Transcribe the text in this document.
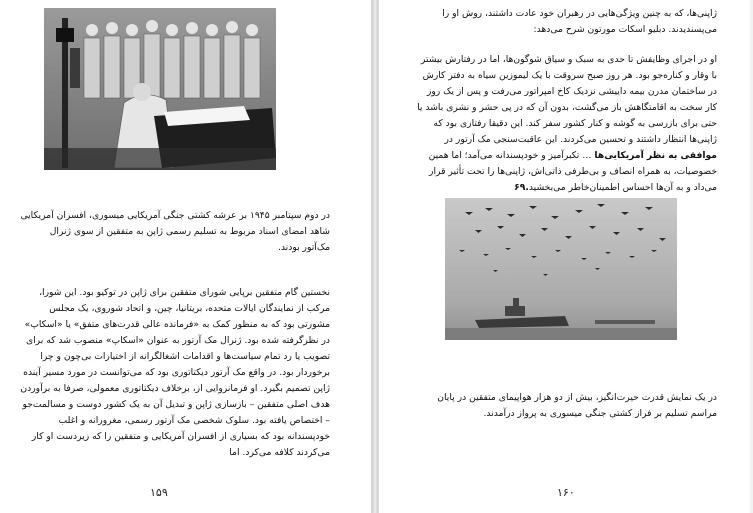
در دوم سپتامبر ۱۹۴۵ بر عرشه کشتی جنگی آمریکایی میسوری، افسران آمریکایی شاهد امضای اسناد مربوط به تسلیم رسمی ژاپن به متفقین از سوی ژنرال مک‌آتور بودند.

نخستین گام متفقین برپایی شورای متفقین برای ژاپن در توکیو بود. این شورا، مرکب از نمایندگان ایالات متحده، بریتانیا، چین، و اتحاد شوروی، یک مجلس مشورتی بود که به منظور کمک به «فرمانده عالی قدرت‌های متفق» یا «اسکاپ» در نظرگرفته شده بود. ژنرال مک آرتور به عنوان «اسکاپ» منصوب شد که برای تصویب یا رد تمام سیاست‌ها و اقدامات اشغالگرانه از اختیارات بی‌چون و چرا برخوردار بود. در واقع مک آرتور دیکتاتوری بود که می‌توانست در مورد مسیر آینده ژاپن تصمیم بگیرد. او فرمانروایی از، برخلاف دیکتاتوری معمولی، صرفا به برآوردن هدف اصلی متفقین – بازسازی ژاپن و تبدیل آن به یک کشور دوست و مسالمت‌جو – اختصاص یافته بود. سلوک شخصی مک آرتور رسمی، مغرورانه و اغلب خودپسندانه بود که بسیاری از افسران آمریکایی و متفقین را که زیردست او کار می‌کردند کلافه می‌کرد. اما

۱۵۹

ژاپنی‌ها، که به چنین ویژگی‌هایی در رهبران خود عادت داشتند، روش او را می‌پسندیدند. دبلیو اسکات مورتون شرح می‌دهد:

او در اجرای وظایفش تا حدی به سبک و سیاق شوگون‌ها، اما در رفتارش بیشتر با وقار و کناره‌جو بود. هر روز صبح سروقت با یک لیموزین سیاه به دفتر کارش در ساختمان مدرن بیمه داییشی نزدیک کاخ امپراتور می‌رفت و پس از یک روز کار سخت به اقامتگاهش باز می‌گشت، بدون آن که در پی حشر و نشری باشد یا حتی برای بازرسی به گوشه و کنار کشور سفر کند. این دقیقا رفتاری بود که ژاپنی‌ها انتظار داشتند و تحسین می‌کردند. این عاقبت‌سنجی مک آرتور در موافقی به نظر آمریکایی‌ها … تکبرآمیز و خودپسندانه می‌آمد؛ اما همین خصوصیات، به همراه انصاف و بی‌طرفی ذاتی‌اش، ژاپنی‌ها را تحت تأثیر قرار می‌داد و به آن‌ها احساس اطمینان‌خاطر می‌بخشید.۶۹

در یک نمایش قدرت حیرت‌انگیز، بیش از دو هزار هواپیمای متفقین در پایان مراسم تسلیم بر فراز کشتی جنگی میسوری به پرواز درآمدند.

۱۶۰
